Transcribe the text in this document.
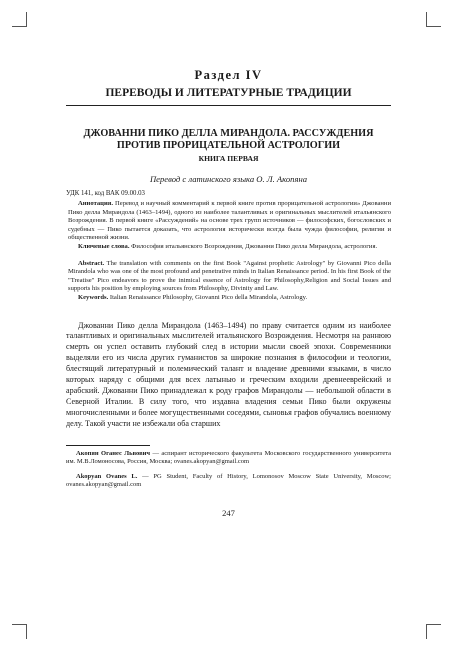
Раздел IV
ПЕРЕВОДЫ И ЛИТЕРАТУРНЫЕ ТРАДИЦИИ
ДЖОВАННИ ПИКО ДЕЛЛА МИРАНДОЛА. РАССУЖДЕНИЯ ПРОТИВ ПРОРИЦАТЕЛЬНОЙ АСТРОЛОГИИ
КНИГА ПЕРВАЯ
Перевод с латинского языка О. Л. Акопяна
УДК 141, код ВАК 09.00.03

Аннотация. Перевод и научный комментарий к первой книге против прорицательной астрологии» Джованни Пико делла Мирандола (1463–1494), одного из наиболее талантливых и оригинальных мыслителей итальянского Возрождения. В первой книге «Рассуждений» на основе трех групп источников — философских, богословских и судебных — Пико пытается доказать, что астрология исторически всегда была чужда философии, религии и общественной жизни.

Ключевые слова. Философия итальянского Возрождения, Джованни Пико делла Мирандола, астрология.

Abstract. The translation with comments on the first Book "Against prophetic Astrology" by Giovanni Pico della Mirandola who was one of the most profound and penetrative minds in Italian Renaissance period. In his first Book of the "Treatise" Pico endeavors to prove the inimical essence of Astrology for Philosophy,Religion and Social Issues and supports his position by employing sources from Philosophy, Divinity and Law.

Keywords. Italian Renaissance Philosophy, Giovanni Pico della Mirandola, Astrology.

Джованни Пико делла Мирандола (1463–1494) по праву считается одним из наиболее талантливых и оригинальных мыслителей итальянского Возрождения. Несмотря на раннюю смерть он успел оставить глубокий след в истории мысли своей эпохи. Современники выделяли его из числа других гуманистов за широкие познания в философии и теологии, блестящий литературный и полемический талант и владение древними языками, в число которых наряду с общими для всех латынью и греческим входили древнееврейский и арабский. Джованни Пико принадлежал к роду графов Мирандолы — небольшой области в Северной Италии. В силу того, что издавна владения семьи Пико были окружены многочисленными и более могущественными соседями, сыновья графов обучались военному делу. Такой участи не избежали оба старших

Акопян Оганес Львович — аспирант исторического факультета Московского государственного университета им. М.В.Ломоносова, Россия, Москва; ovanes.akopyan@gmail.com

Akopyan Ovanes L. — PG Student, Faculty of History, Lomonosov Moscow State University, Moscow; ovanes.akopyan@gmail.com

247
